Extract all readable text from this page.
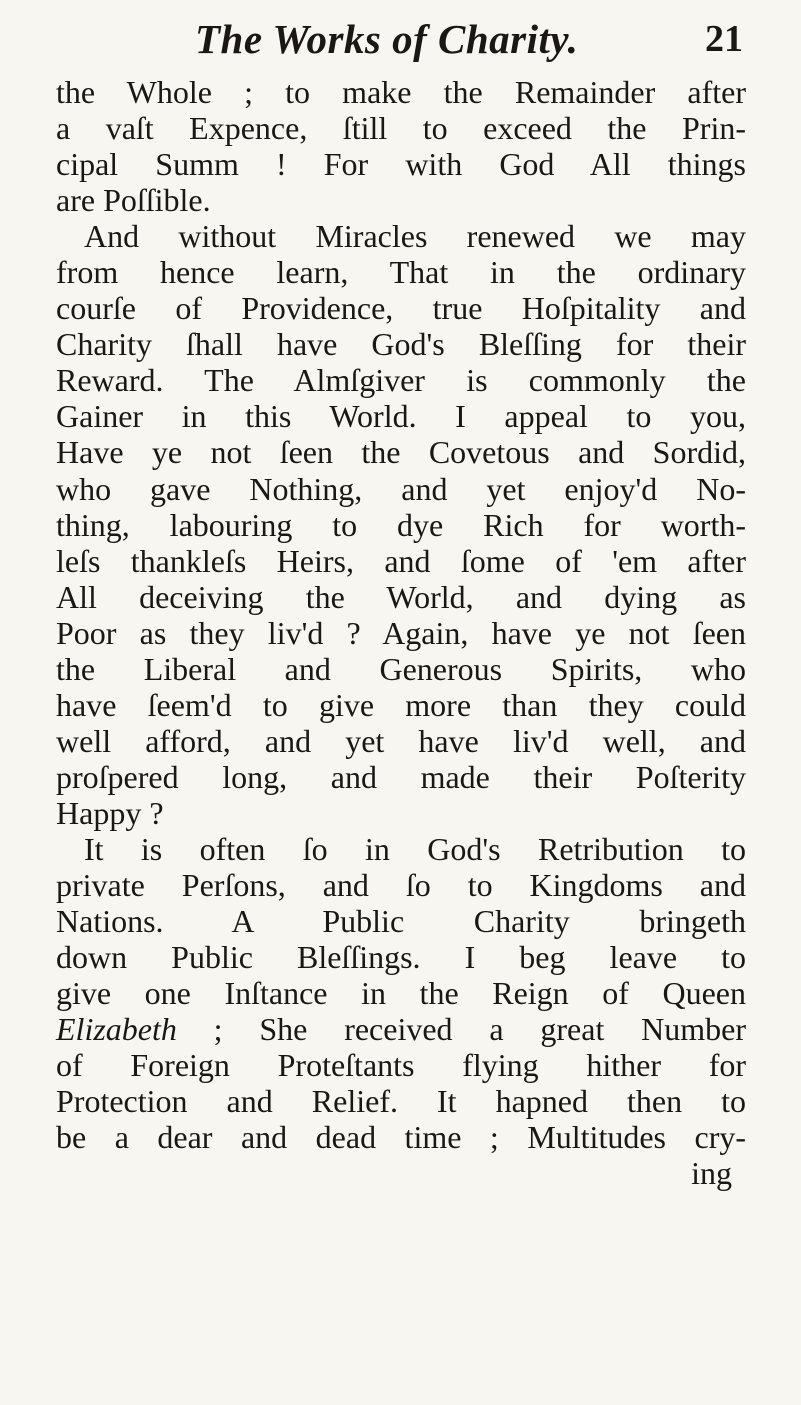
The Works of Charity.	21
the Whole ; to make the Remainder after
a vaſt Expence, ſtill to exceed the Prin-
cipal Summ ! For with God All things
are Poſſible.
And without Miracles renewed we may
from hence learn, That in the ordinary
courſe of Providence, true Hoſpitality and
Charity ſhall have God's Bleſſing for their
Reward. The Almſgiver is commonly the
Gainer in this World. I appeal to you,
Have ye not ſeen the Covetous and Sordid,
who gave Nothing, and yet enjoy'd No-
thing, labouring to dye Rich for worth-
leſs thankleſs Heirs, and ſome of 'em after
All deceiving the World, and dying as
Poor as they liv'd ? Again, have ye not ſeen
the Liberal and Generous Spirits, who
have ſeem'd to give more than they could
well afford, and yet have liv'd well, and
proſpered long, and made their Poſterity
Happy ?
It is often ſo in God's Retribution to
private Perſons, and ſo to Kingdoms and
Nations. A Public Charity bringeth
down Public Bleſſings. I beg leave to
give one Inſtance in the Reign of Queen
Elizabeth ; She received a great Number
of Foreign Proteſtants flying hither for
Protection and Relief. It hapned then to
be a dear and dead time ; Multitudes cry-
ing
